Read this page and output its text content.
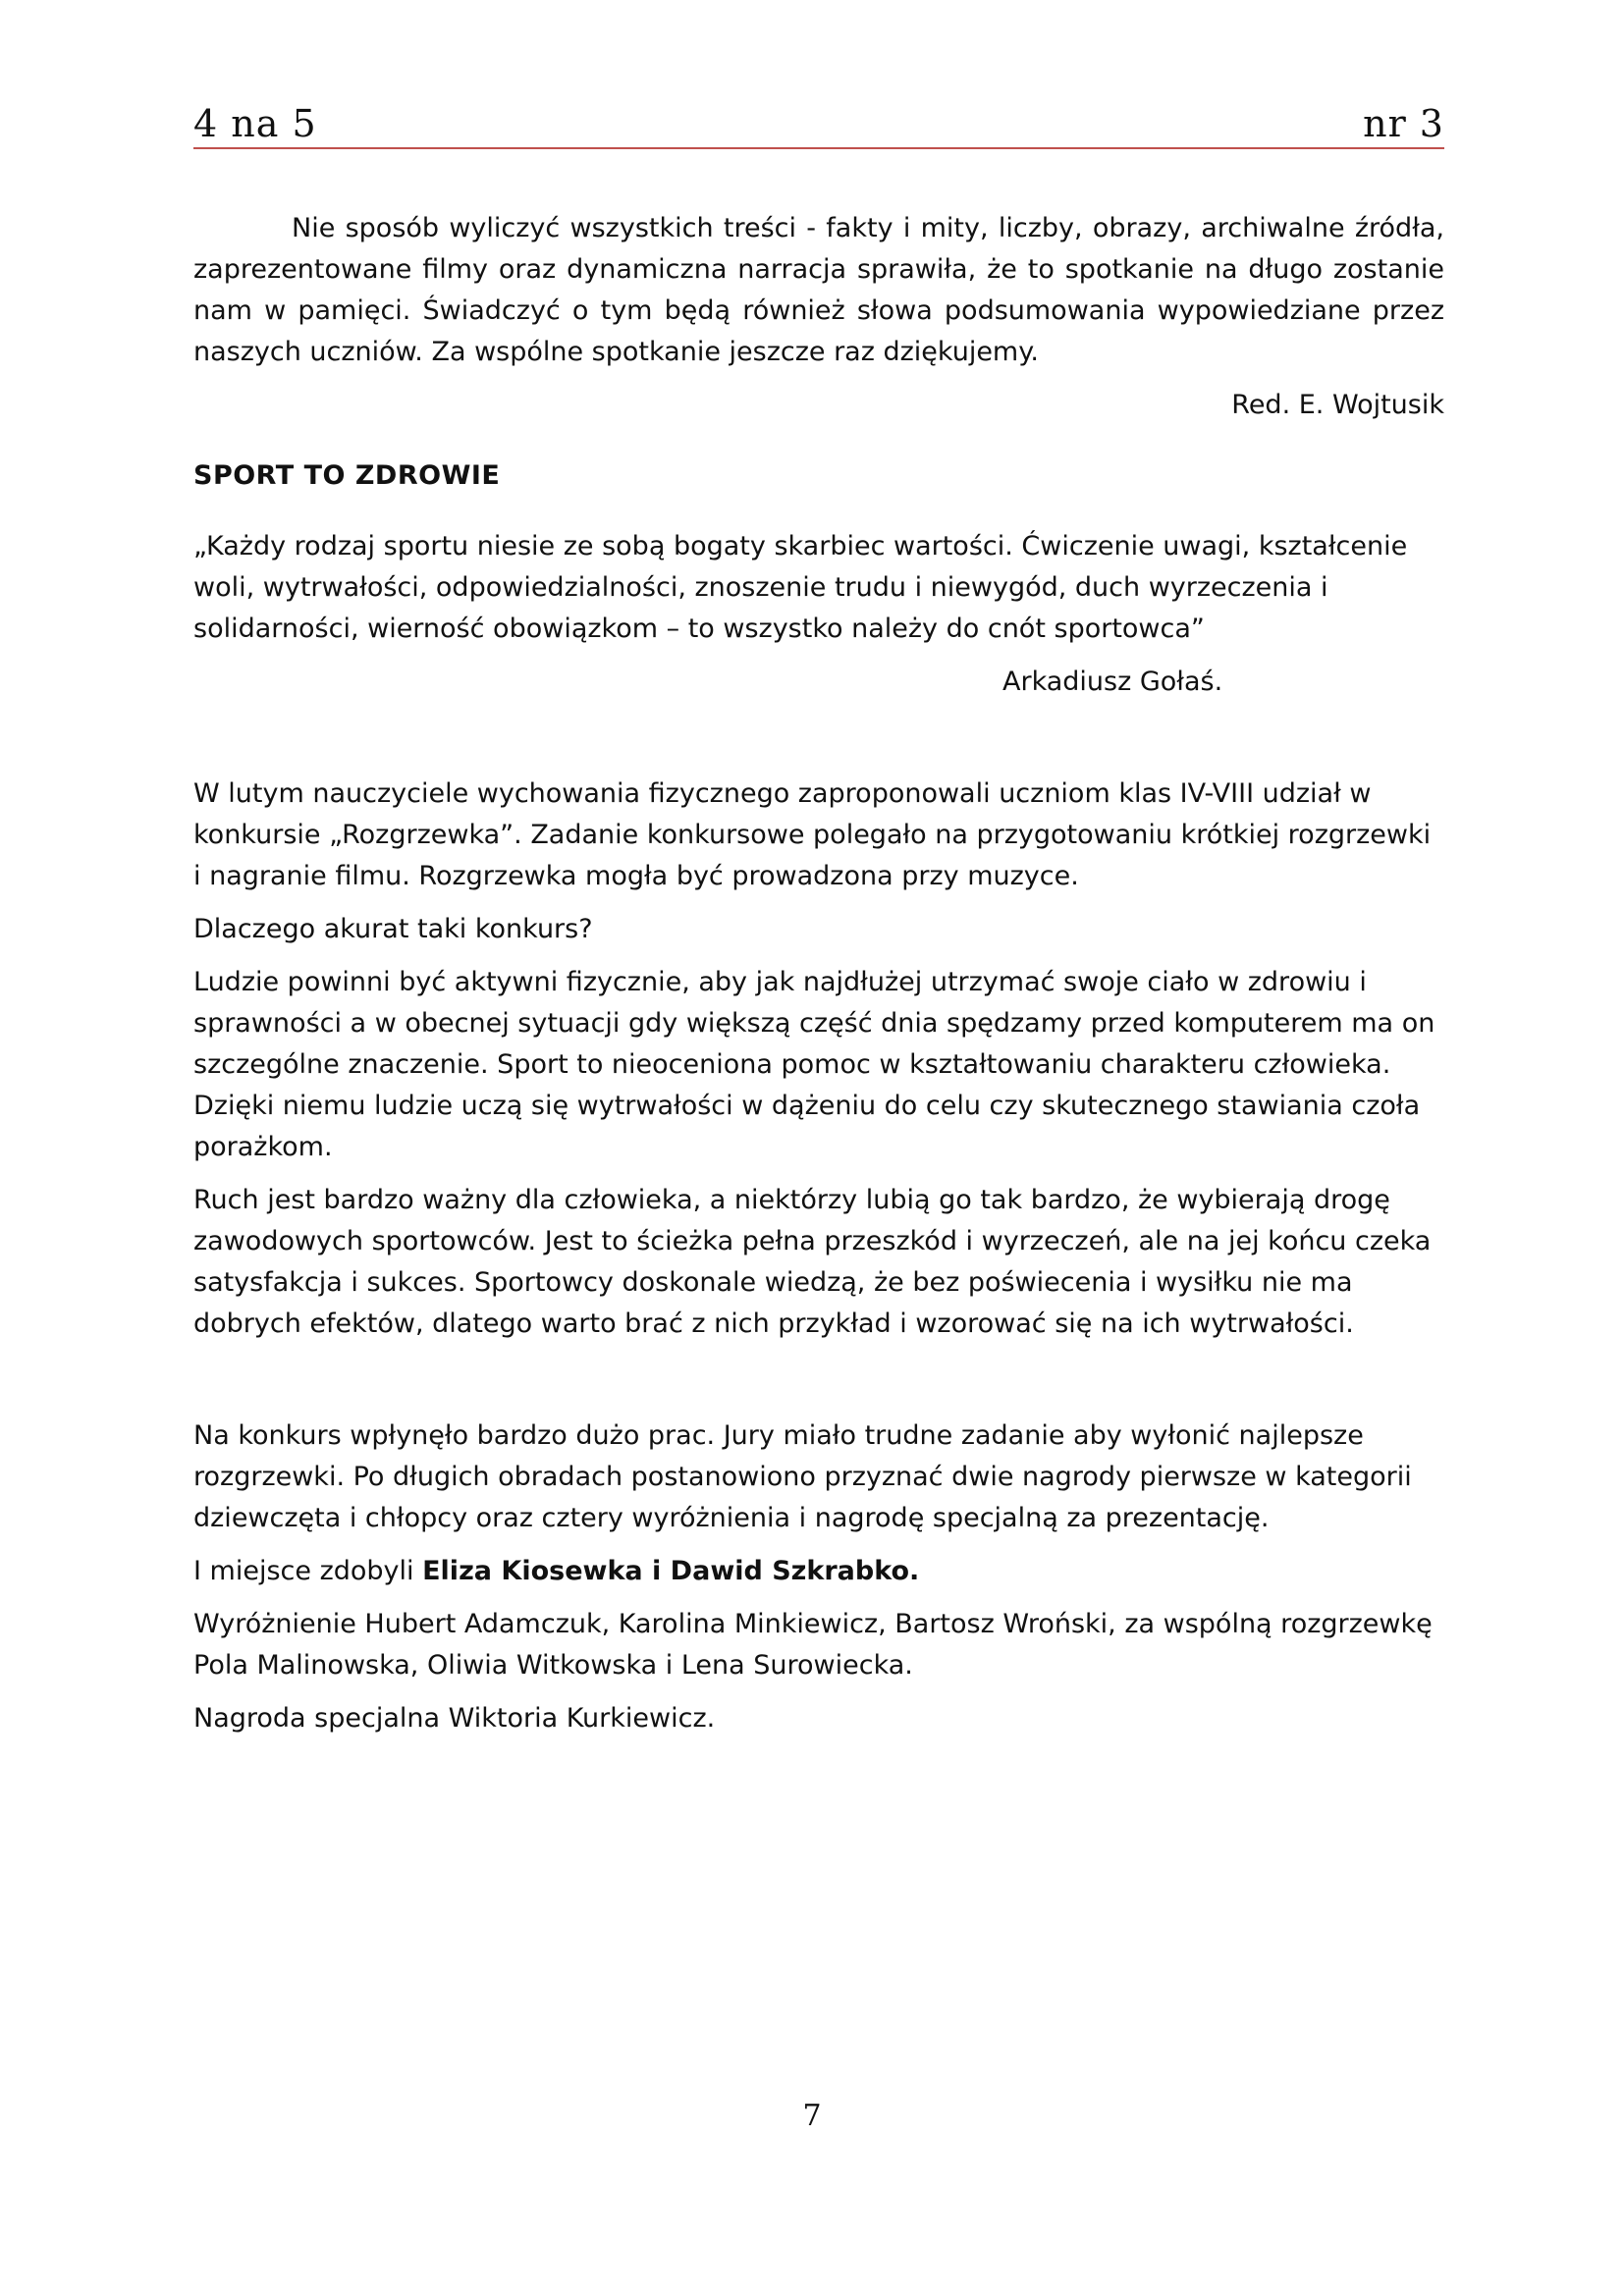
4 na 5	nr 3

Nie sposób wyliczyć wszystkich treści - fakty i mity, liczby, obrazy, archiwalne źródła, zaprezentowane filmy oraz dynamiczna narracja sprawiła, że to spotkanie na długo zostanie nam w pamięci. Świadczyć o tym będą również słowa podsumowania wypowiedziane przez naszych uczniów. Za wspólne spotkanie jeszcze raz dziękujemy.

Red. E. Wojtusik

SPORT TO ZDROWIE

„Każdy rodzaj sportu niesie ze sobą bogaty skarbiec wartości. Ćwiczenie uwagi, kształcenie woli, wytrwałości, odpowiedzialności, znoszenie trudu i niewygód, duch wyrzeczenia i solidarności, wierność obowiązkom – to wszystko należy do cnót sportowca”

Arkadiusz Gołaś.

W lutym nauczyciele wychowania fizycznego zaproponowali uczniom klas IV-VIII udział w konkursie „Rozgrzewka”. Zadanie konkursowe polegało na przygotowaniu krótkiej rozgrzewki i nagranie filmu. Rozgrzewka mogła być prowadzona przy muzyce.

Dlaczego akurat taki konkurs?

Ludzie powinni być aktywni fizycznie, aby jak najdłużej utrzymać swoje ciało w zdrowiu i sprawności a w obecnej sytuacji gdy większą część dnia spędzamy przed komputerem ma on szczególne znaczenie. Sport to nieoceniona pomoc w kształtowaniu charakteru człowieka. Dzięki niemu ludzie uczą się wytrwałości w dążeniu do celu czy skutecznego stawiania czoła porażkom.

Ruch jest bardzo ważny dla człowieka, a niektórzy lubią go tak bardzo, że wybierają drogę zawodowych sportowców. Jest to ścieżka pełna przeszkód i wyrzeczeń, ale na jej końcu czeka satysfakcja i sukces. Sportowcy doskonale wiedzą, że bez poświecenia i wysiłku nie ma dobrych efektów, dlatego warto brać z nich przykład i wzorować się na ich wytrwałości.

Na konkurs wpłynęło bardzo dużo prac. Jury miało trudne zadanie aby wyłonić najlepsze rozgrzewki. Po długich obradach postanowiono przyznać dwie nagrody pierwsze w kategorii dziewczęta i chłopcy oraz cztery wyróżnienia i nagrodę specjalną za prezentację.

I miejsce zdobyli Eliza Kiosewka i Dawid Szkrabko.

Wyróżnienie Hubert Adamczuk, Karolina Minkiewicz, Bartosz Wroński, za wspólną rozgrzewkę Pola Malinowska, Oliwia Witkowska i Lena Surowiecka.

Nagroda specjalna Wiktoria Kurkiewicz.

7
